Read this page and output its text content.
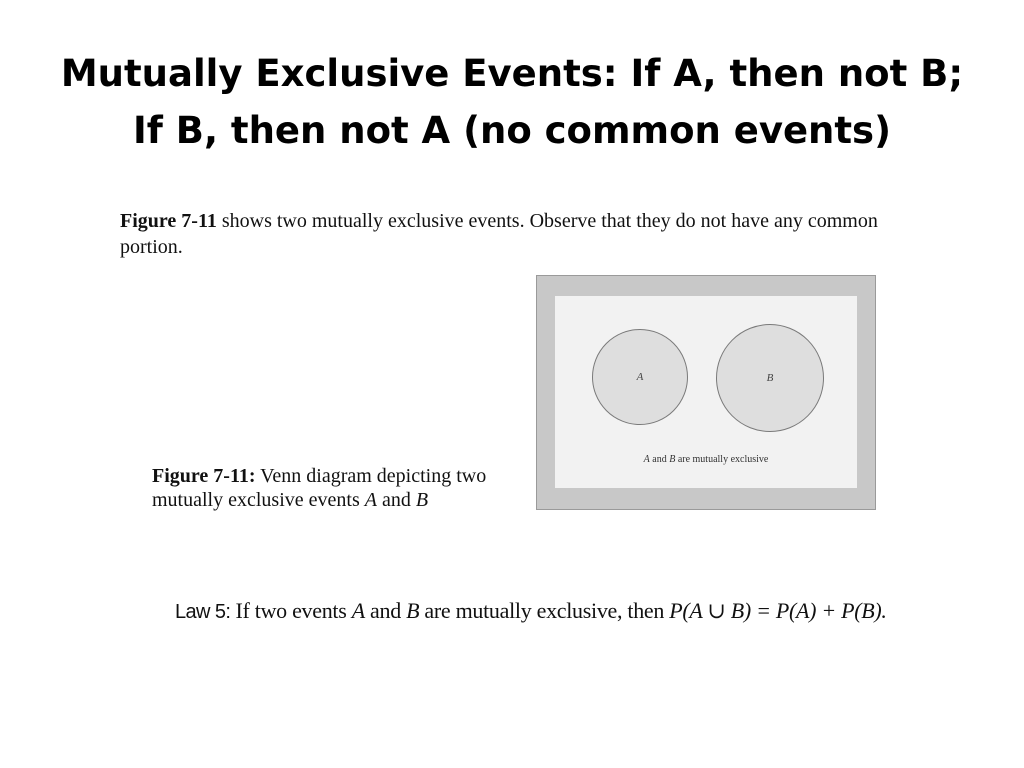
Mutually Exclusive Events: If A, then not B; If B, then not A (no common events)
Figure 7-11 shows two mutually exclusive events. Observe that they do not have any common portion.
A	B
A and B are mutually exclusive
Figure 7-11: Venn diagram depicting two mutually exclusive events A and B
Law 5: If two events A and B are mutually exclusive, then P(A ∪ B) = P(A) + P(B).
